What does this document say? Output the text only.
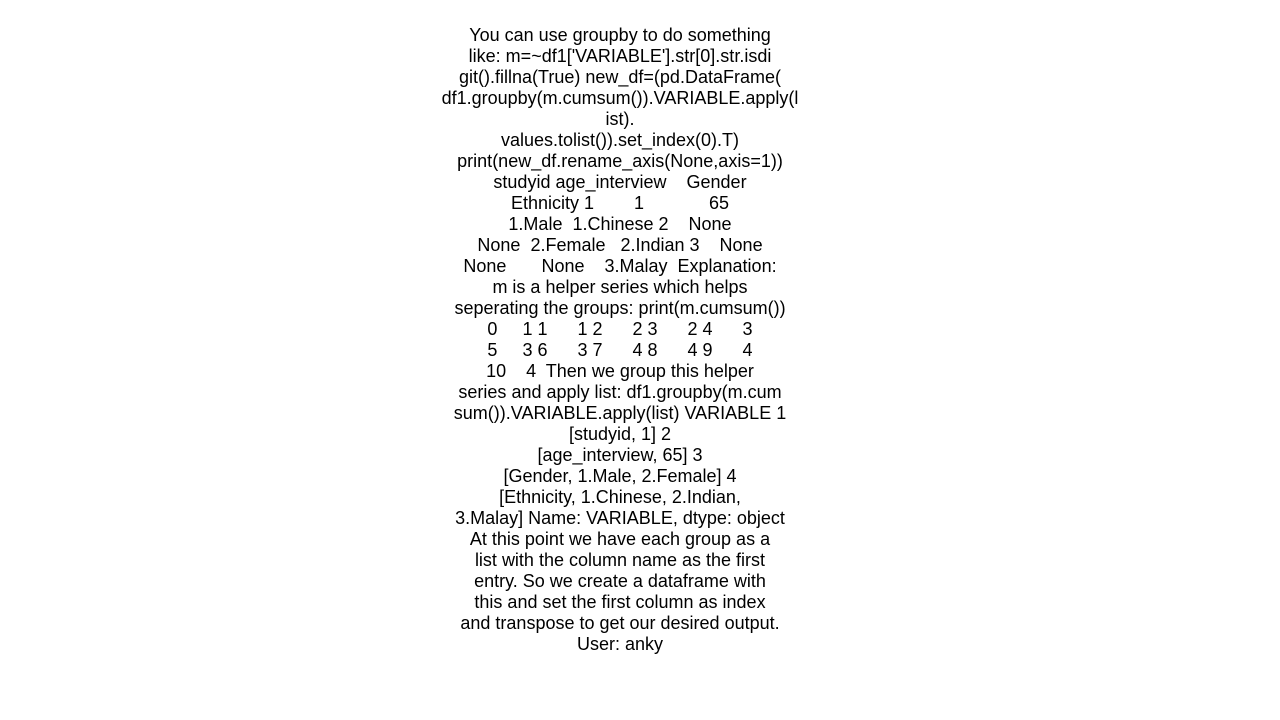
You can use groupby to do something
like: m=~df1['VARIABLE'].str[0].str.isdi
git().fillna(True) new_df=(pd.DataFrame(
df1.groupby(m.cumsum()).VARIABLE.apply(l
ist).
values.tolist()).set_index(0).T)
print(new_df.rename_axis(None,axis=1))
studyid age_interview    Gender
Ethnicity 1        1             65
1.Male  1.Chinese 2    None
None  2.Female   2.Indian 3    None
None       None    3.Malay  Explanation:
m is a helper series which helps
seperating the groups: print(m.cumsum())
0     1 1      1 2      2 3      2 4      3
5     3 6      3 7      4 8      4 9      4
10    4  Then we group this helper
series and apply list: df1.groupby(m.cum
sum()).VARIABLE.apply(list) VARIABLE 1
[studyid, 1] 2
[age_interview, 65] 3
[Gender, 1.Male, 2.Female] 4
[Ethnicity, 1.Chinese, 2.Indian,
3.Malay] Name: VARIABLE, dtype: object
At this point we have each group as a
list with the column name as the first
entry. So we create a dataframe with
this and set the first column as index
and transpose to get our desired output.
User: anky
